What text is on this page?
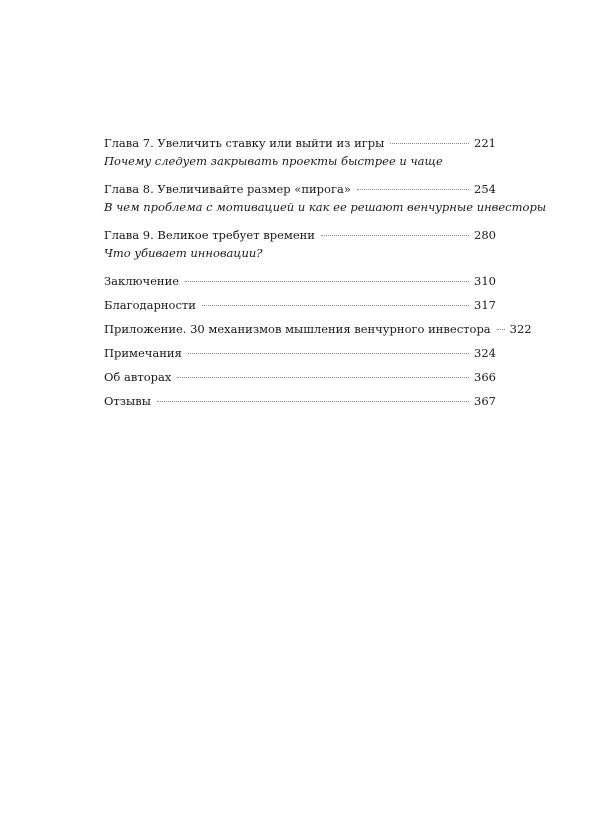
Глава 7. Увеличить ставку или выйти из игры	221
Почему следует закрывать проекты быстрее и чаще
Глава 8. Увеличивайте размер «пирога»	254
В чем проблема с мотивацией и как ее решают венчурные инвесторы
Глава 9. Великое требует времени	280
Что убивает инновации?
Заключение	310
Благодарности	317
Приложение. 30 механизмов мышления венчурного инвестора 322
Примечания	324
Об авторах	366
Отзывы	367
